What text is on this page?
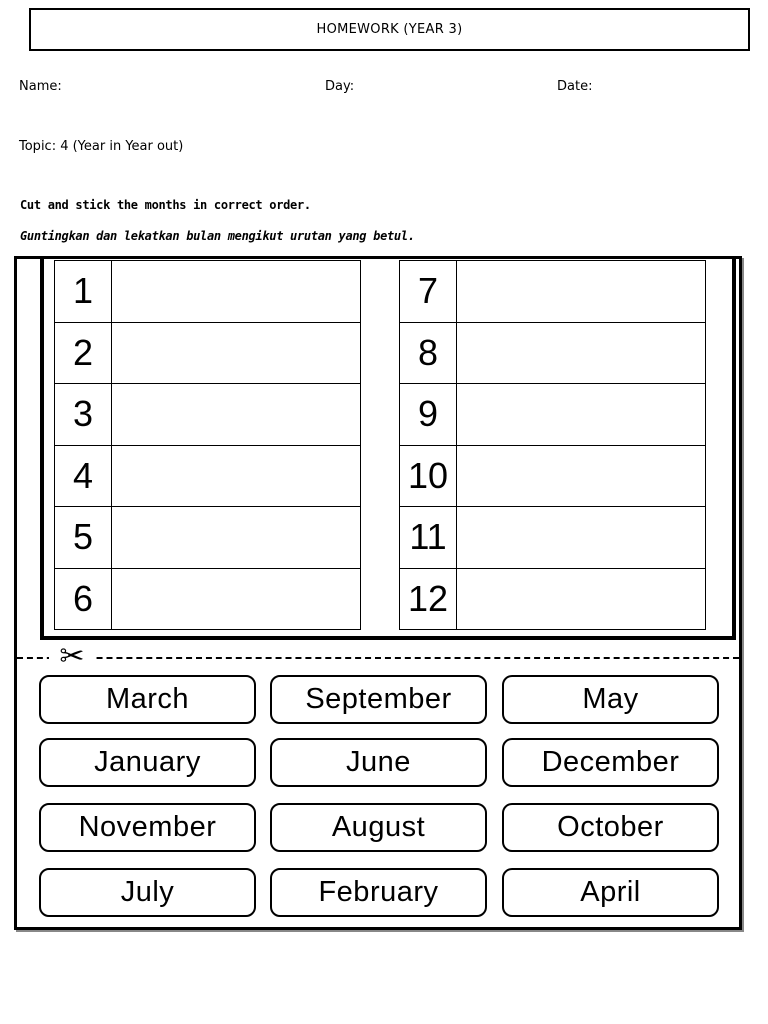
HOMEWORK (YEAR 3)
Name:	Day:	Date:
Topic: 4 (Year in Year out)
Cut and stick the months in correct order.
Guntingkan dan lekatkan bulan mengikut urutan yang betul.
1	
2	
3	
4	
5	
6	
7	
8	
9	
10	
11	
12	
✂
March	September	May
January	June	December
November	August	October
July	February	April
